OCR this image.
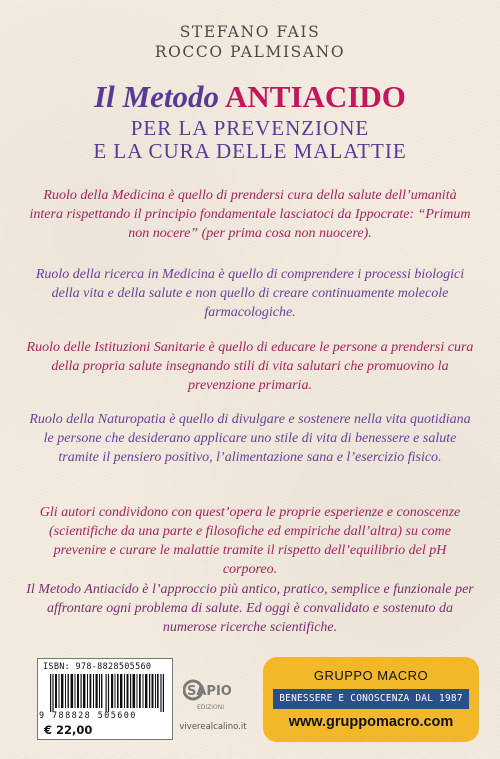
STEFANO FAIS
ROCCO PALMISANO
Il Metodo ANTIACIDO
PER LA PREVENZIONE
E LA CURA DELLE MALATTIE

Ruolo della Medicina è quello di prendersi cura della salute dell’umanità intera rispettando il principio fondamentale lasciatoci da Ippocrate: “Primum non nocere” (per prima cosa non nuocere).

Ruolo della ricerca in Medicina è quello di comprendere i processi biologici della vita e della salute e non quello di creare continuamente molecole farmacologiche.

Ruolo delle Istituzioni Sanitarie è quello di educare le persone a prendersi cura della propria salute insegnando stili di vita salutari che promuovino la prevenzione primaria.

Ruolo della Naturopatia è quello di divulgare e sostenere nella vita quotidiana le persone che desiderano applicare uno stile di vita di benessere e salute tramite il pensiero positivo, l’alimentazione sana e l’esercizio fisico.

Gli autori condividono con quest’opera le proprie esperienze e conoscenze (scientifiche da una parte e filosofiche ed empiriche dall’altra) su come prevenire e curare le malattie tramite il rispetto dell’equilibrio del pH corporeo.

Il Metodo Antiacido è l’approccio più antico, pratico, semplice e funzionale per affrontare ogni problema di salute. Ed oggi è convalidato e sostenuto da numerose ricerche scientifiche.

ISBN: 978-8828505560
9 788828 505600
€ 22,00
SAPIO
EDIZIONI
viverealcalino.it
GRUPPO MACRO
BENESSERE E CONOSCENZA DAL 1987
www.gruppomacro.com
